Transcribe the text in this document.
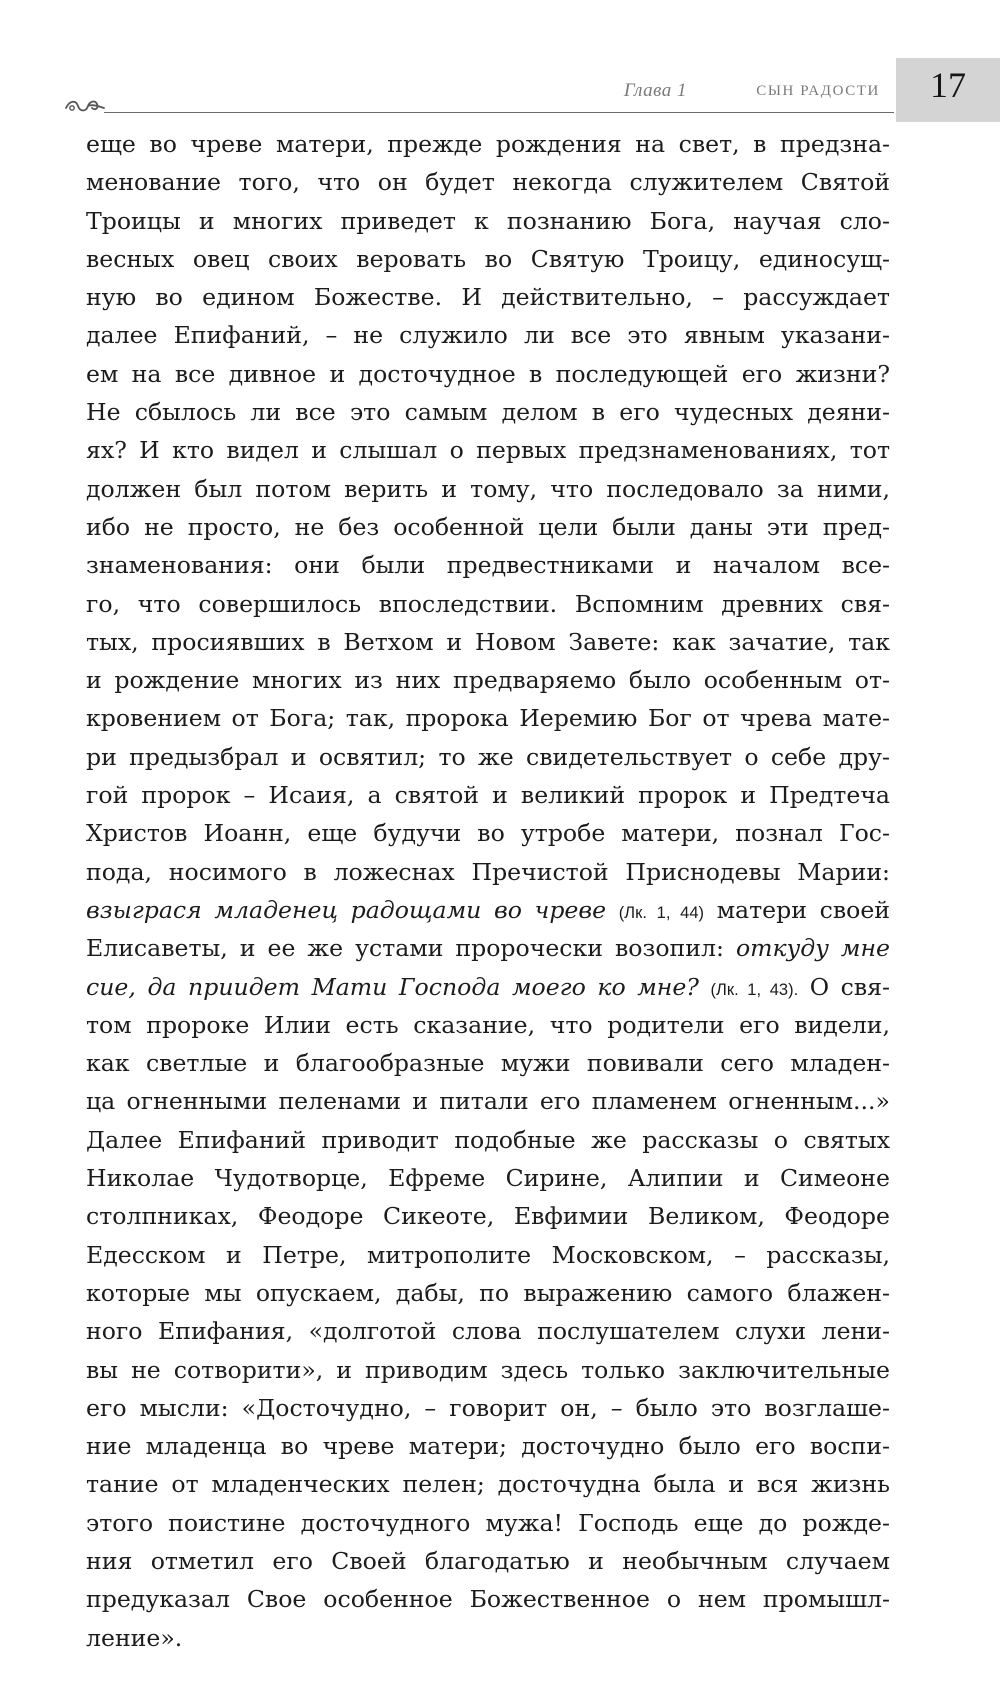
Глава 1	СЫН РАДОСТИ	17
еще во чреве матери, прежде рождения на свет, в предзна-
менование того, что он будет некогда служителем Святой
Троицы и многих приведет к познанию Бога, научая сло-
весных овец своих веровать во Святую Троицу, единосущ-
ную во едином Божестве. И действительно, – рассуждает
далее Епифаний, – не служило ли все это явным указани-
ем на все дивное и досточудное в последующей его жизни?
Не сбылось ли все это самым делом в его чудесных деяни-
ях? И кто видел и слышал о первых предзнаменованиях, тот
должен был потом верить и тому, что последовало за ними,
ибо не просто, не без особенной цели были даны эти пред-
знаменования: они были предвестниками и началом все-
го, что совершилось впоследствии. Вспомним древних свя-
тых, просиявших в Ветхом и Новом Завете: как зачатие, так
и рождение многих из них предваряемо было особенным от-
кровением от Бога; так, пророка Иеремию Бог от чрева мате-
ри предызбрал и освятил; то же свидетельствует о себе дру-
гой пророк – Исаия, а святой и великий пророк и Предтеча
Христов Иоанн, еще будучи во утробе матери, познал Гос-
пода, носимого в ложеснах Пречистой Приснодевы Марии:
взыграся младенец радощами во чреве (Лк. 1, 44) матери своей
Елисаветы, и ее же устами пророчески возопил: откуду мне
сие, да приидет Мати Господа моего ко мне? (Лк. 1, 43). О свя-
том пророке Илии есть сказание, что родители его видели,
как светлые и благообразные мужи повивали сего младен-
ца огненными пеленами и питали его пламенем огненным...»
Далее Епифаний приводит подобные же рассказы о святых
Николае Чудотворце, Ефреме Сирине, Алипии и Симеоне
столпниках, Феодоре Сикеоте, Евфимии Великом, Феодоре
Едесском и Петре, митрополите Московском, – рассказы,
которые мы опускаем, дабы, по выражению самого блажен-
ного Епифания, «долготой слова послушателем слухи лени-
вы не сотворити», и приводим здесь только заключительные
его мысли: «Досточудно, – говорит он, – было это возглаше-
ние младенца во чреве матери; досточудно было его воспи-
тание от младенческих пелен; досточудна была и вся жизнь
этого поистине досточудного мужа! Господь еще до рожде-
ния отметил его Своей благодатью и необычным случаем
предуказал Свое особенное Божественное о нем промышл-
ление».
